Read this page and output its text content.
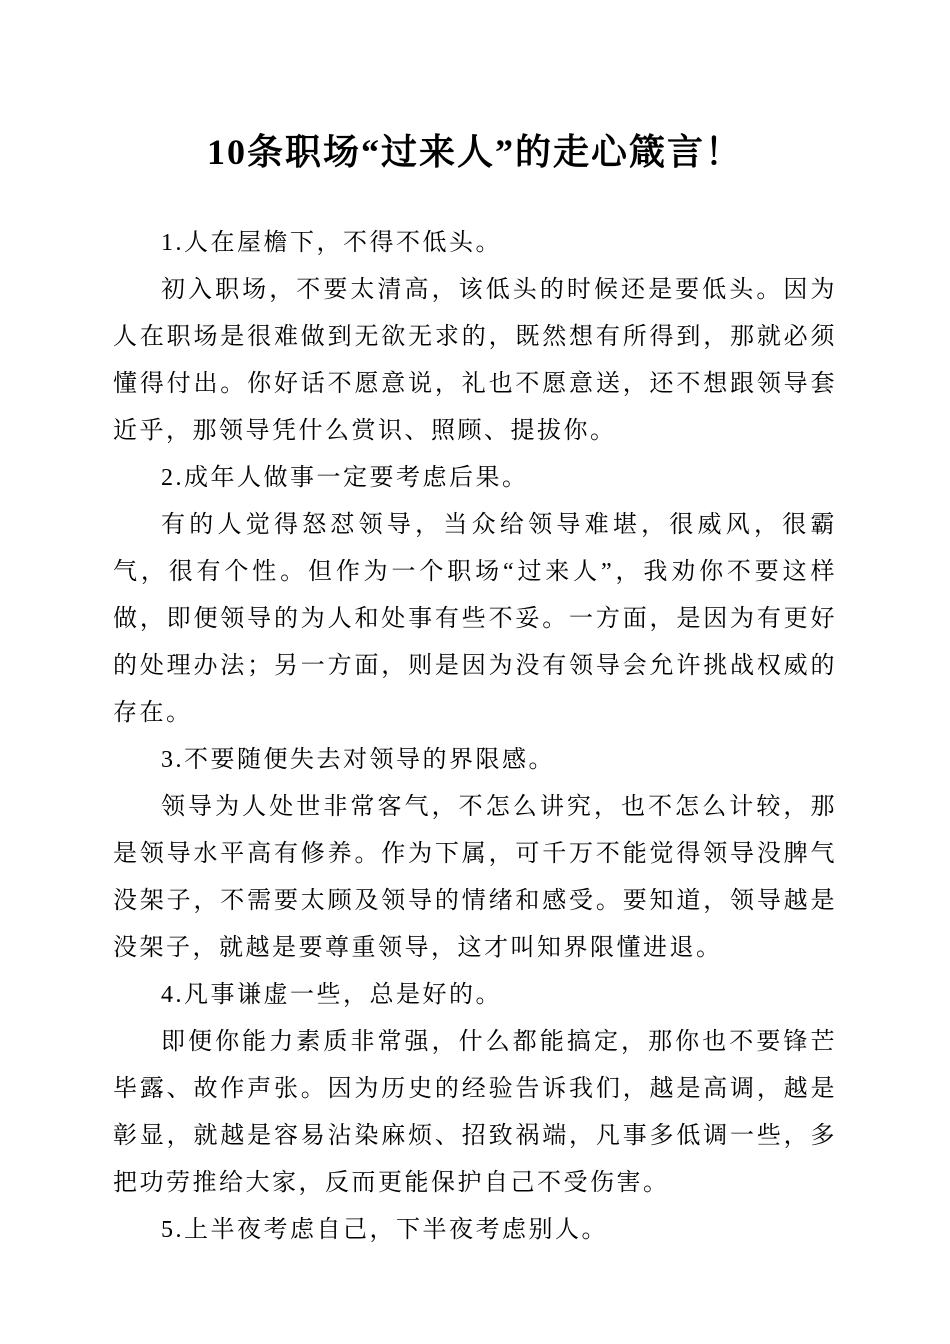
10条职场“过来人”的走心箴言！

1.人在屋檐下，不得不低头。

初入职场，不要太清高，该低头的时候还是要低头。因为人在职场是很难做到无欲无求的，既然想有所得到，那就必须懂得付出。你好话不愿意说，礼也不愿意送，还不想跟领导套近乎，那领导凭什么赏识、照顾、提拔你。

2.成年人做事一定要考虑后果。

有的人觉得怒怼领导，当众给领导难堪，很威风，很霸气，很有个性。但作为一个职场“过来人”，我劝你不要这样做，即便领导的为人和处事有些不妥。一方面，是因为有更好的处理办法；另一方面，则是因为没有领导会允许挑战权威的存在。

3.不要随便失去对领导的界限感。

领导为人处世非常客气，不怎么讲究，也不怎么计较，那是领导水平高有修养。作为下属，可千万不能觉得领导没脾气没架子，不需要太顾及领导的情绪和感受。要知道，领导越是没架子，就越是要尊重领导，这才叫知界限懂进退。

4.凡事谦虚一些，总是好的。

即便你能力素质非常强，什么都能搞定，那你也不要锋芒毕露、故作声张。因为历史的经验告诉我们，越是高调，越是彰显，就越是容易沾染麻烦、招致祸端，凡事多低调一些，多把功劳推给大家，反而更能保护自己不受伤害。

5.上半夜考虑自己，下半夜考虑别人。
